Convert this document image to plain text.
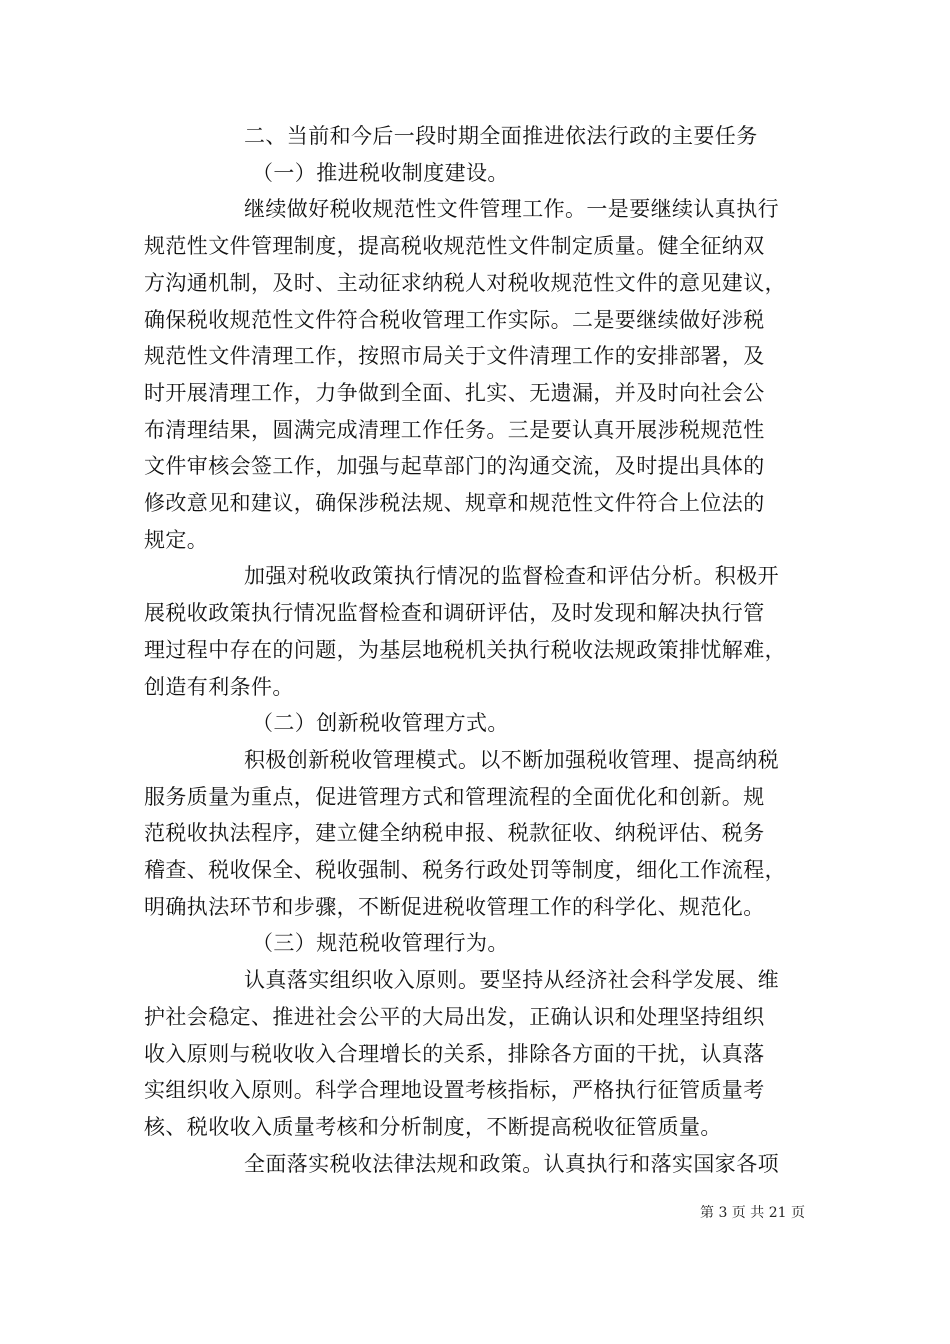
二、当前和今后一段时期全面推进依法行政的主要任务
（一）推进税收制度建设。
继续做好税收规范性文件管理工作。一是要继续认真执行
规范性文件管理制度，提高税收规范性文件制定质量。健全征纳双
方沟通机制，及时、主动征求纳税人对税收规范性文件的意见建议，
确保税收规范性文件符合税收管理工作实际。二是要继续做好涉税
规范性文件清理工作，按照市局关于文件清理工作的安排部署，及
时开展清理工作，力争做到全面、扎实、无遗漏，并及时向社会公
布清理结果，圆满完成清理工作任务。三是要认真开展涉税规范性
文件审核会签工作，加强与起草部门的沟通交流，及时提出具体的
修改意见和建议，确保涉税法规、规章和规范性文件符合上位法的
规定。
加强对税收政策执行情况的监督检查和评估分析。积极开
展税收政策执行情况监督检查和调研评估，及时发现和解决执行管
理过程中存在的问题，为基层地税机关执行税收法规政策排忧解难，
创造有利条件。
（二）创新税收管理方式。
积极创新税收管理模式。以不断加强税收管理、提高纳税
服务质量为重点，促进管理方式和管理流程的全面优化和创新。规
范税收执法程序，建立健全纳税申报、税款征收、纳税评估、税务
稽查、税收保全、税收强制、税务行政处罚等制度，细化工作流程，
明确执法环节和步骤，不断促进税收管理工作的科学化、规范化。
（三）规范税收管理行为。
认真落实组织收入原则。要坚持从经济社会科学发展、维
护社会稳定、推进社会公平的大局出发，正确认识和处理坚持组织
收入原则与税收收入合理增长的关系，排除各方面的干扰，认真落
实组织收入原则。科学合理地设置考核指标，严格执行征管质量考
核、税收收入质量考核和分析制度，不断提高税收征管质量。
全面落实税收法律法规和政策。认真执行和落实国家各项
第 3 页 共 21 页
